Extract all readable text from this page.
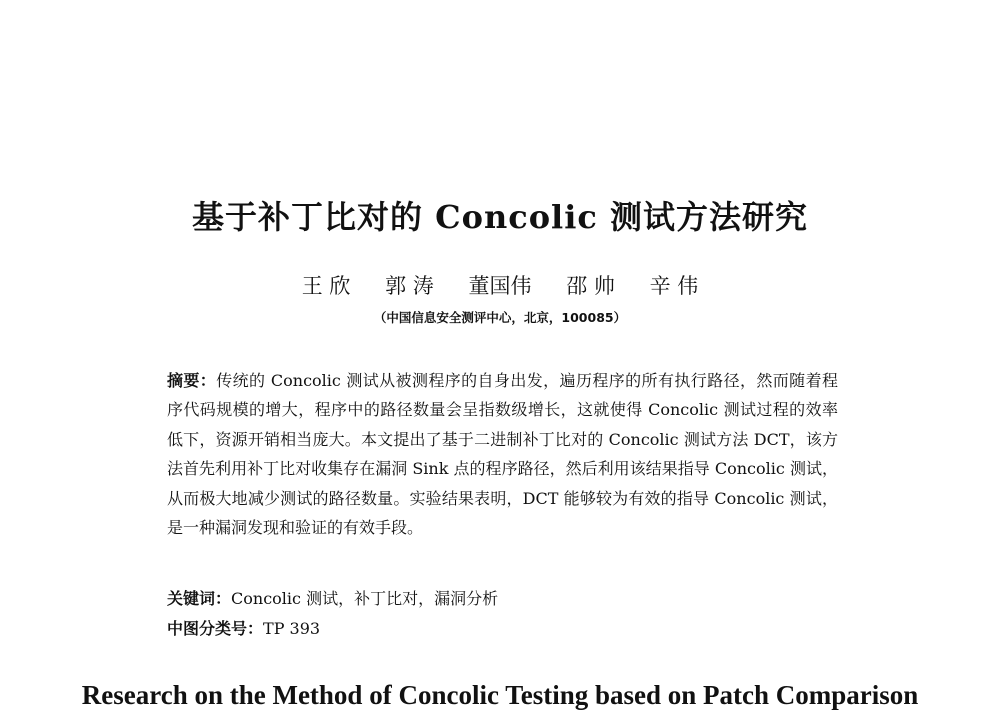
基于补丁比对的 Concolic 测试方法研究
王 欣 郭 涛 董国伟 邵 帅 辛 伟
（中国信息安全测评中心，北京，100085）
摘要：传统的 Concolic 测试从被测程序的自身出发，遍历程序的所有执行路径，然而随着程序代码规模的增大，程序中的路径数量会呈指数级增长，这就使得 Concolic 测试过程的效率低下，资源开销相当庞大。本文提出了基于二进制补丁比对的 Concolic 测试方法 DCT，该方法首先利用补丁比对收集存在漏洞 Sink 点的程序路径，然后利用该结果指导 Concolic 测试，从而极大地减少测试的路径数量。实验结果表明，DCT 能够较为有效的指导 Concolic 测试，是一种漏洞发现和验证的有效手段。
关键词：Concolic 测试，补丁比对，漏洞分析
中图分类号：TP 393
Research on the Method of Concolic Testing based on Patch Comparison
